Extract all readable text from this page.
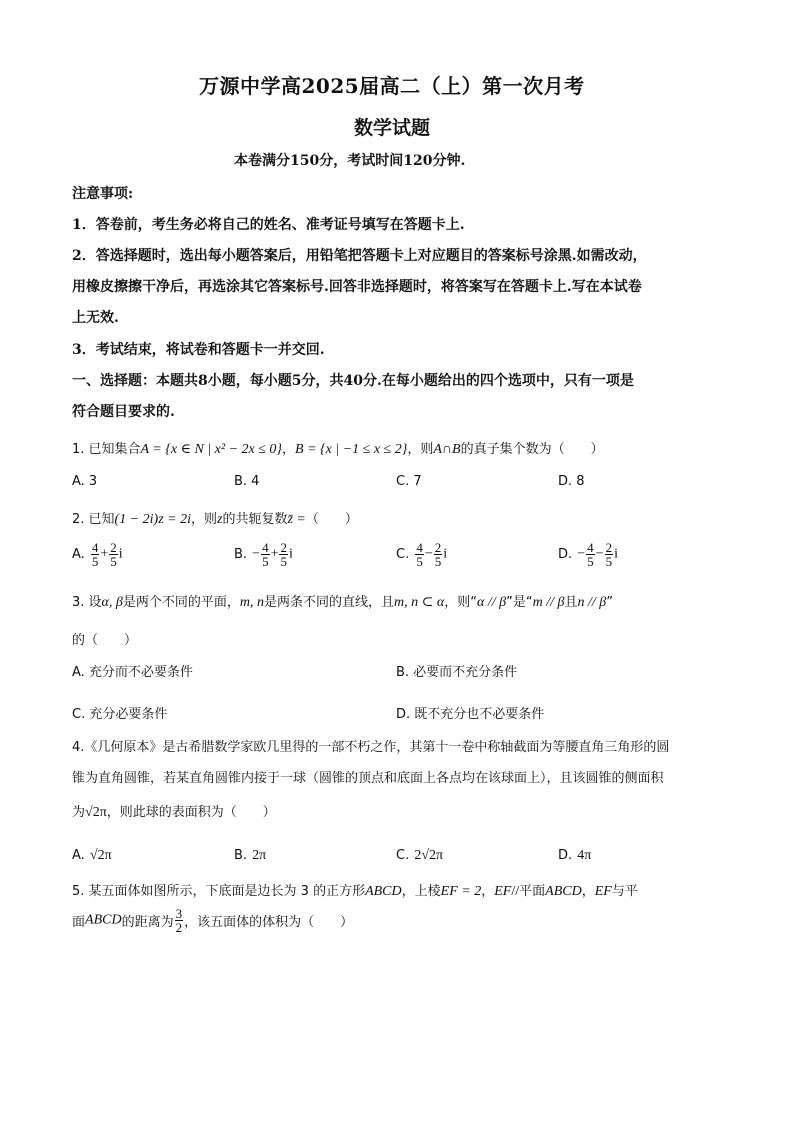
万源中学高2025届高二（上）第一次月考
数学试题
本卷满分150分，考试时间120分钟.
注意事项:
1．答卷前，考生务必将自己的姓名、准考证号填写在答题卡上.
2．答选择题时，选出每小题答案后，用铅笔把答题卡上对应题目的答案标号涂黑.如需改动，
用橡皮擦擦干净后，再选涂其它答案标号.回答非选择题时，将答案写在答题卡上.写在本试卷
上无效.
3．考试结束，将试卷和答题卡一并交回.
一、选择题：本题共8小题，每小题5分，共40分.在每小题给出的四个选项中，只有一项是
符合题目要求的.
1. 已知集合A = {x ∈ N | x² − 2x ≤ 0}，B = {x | −1 ≤ x ≤ 2}，则A∩B的真子集个数为（　　）
A. 3	B. 4	C. 7	D. 8
2. 已知(1 − 2i)z = 2i，则z的共轭复数z̄ =（　　）
A. $\frac{4}{5} + \frac{2}{5}$ i	B. − $\frac{4}{5} + \frac{2}{5}$ i	C. $\frac{4}{5} - \frac{2}{5}$ i	D. − $\frac{4}{5} - \frac{2}{5}$ i
3. 设α, β是两个不同的平面，m, n是两条不同的直线，且m, n ⊂ α，则“α // β”是“m // β且n // β”
的（　　）
A. 充分而不必要条件	B. 必要而不充分条件
C. 充分必要条件	D. 既不充分也不必要条件
4.《几何原本》是古希腊数学家欧几里得的一部不朽之作，其第十一卷中称轴截面为等腰直角三角形的圆
锥为直角圆锥，若某直角圆锥内接于一球（圆锥的顶点和底面上各点均在该球面上），且该圆锥的侧面积
为√2π，则此球的表面积为（　　）
A. √2π	B. 2π	C. 2√2π	D. 4π
5. 某五面体如图所示，下底面是边长为 3 的正方形ABCD，上棱EF = 2，EF//平面ABCD，EF与平
面ABCD的距离为 $\frac{3}{2}$ ，该五面体的体积为（　　）
